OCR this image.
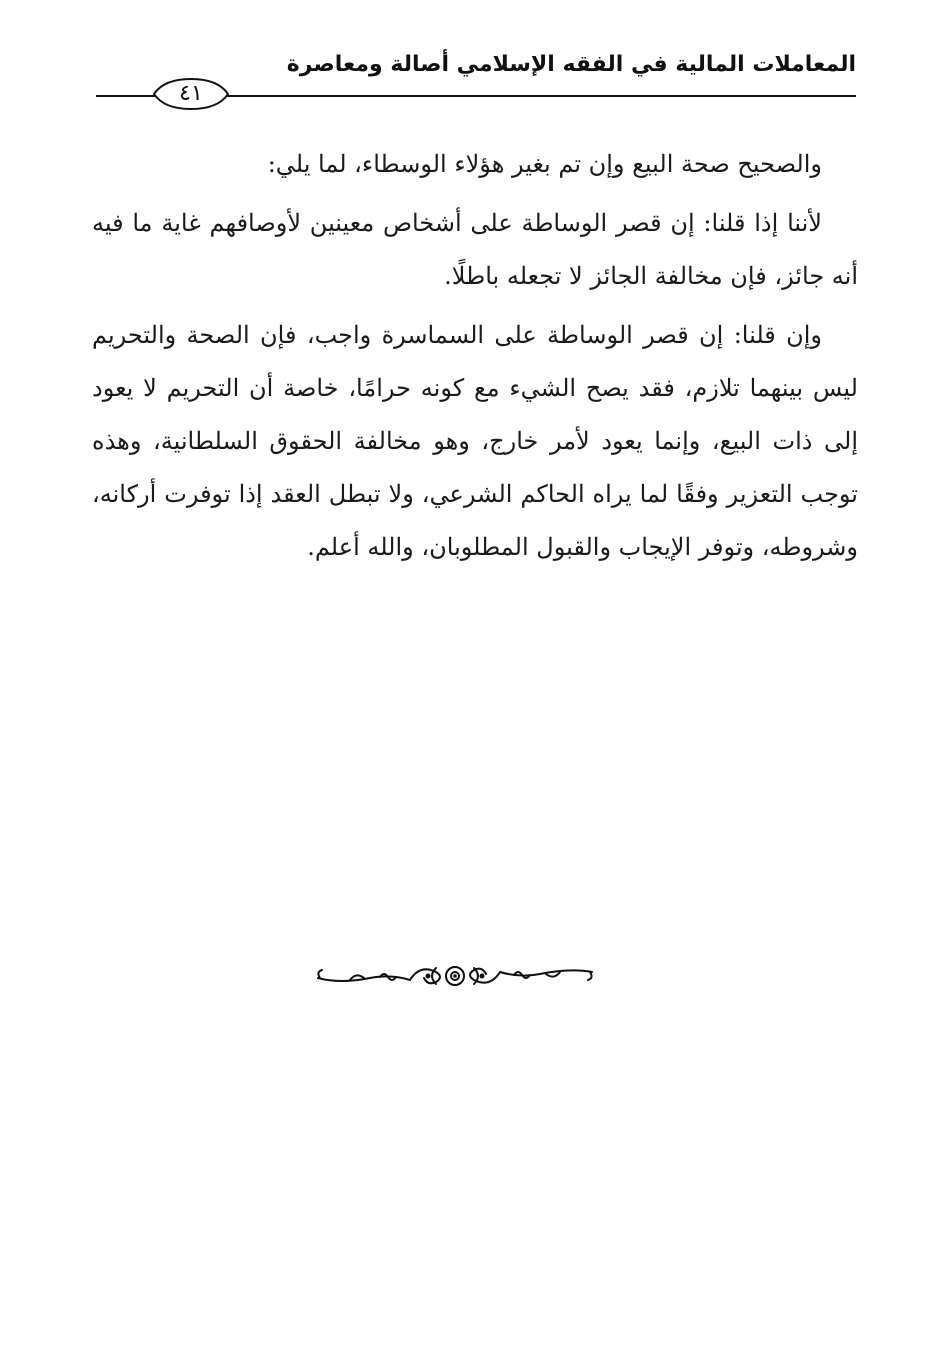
المعاملات المالية في الفقه الإسلامي أصالة ومعاصرة
٤١

والصحيح صحة البيع وإن تم بغير هؤلاء الوسطاء، لما يلي:

لأننا إذا قلنا: إن قصر الوساطة على أشخاص معينين لأوصافهم غاية ما فيه أنه جائز، فإن مخالفة الجائز لا تجعله باطلًا.

وإن قلنا: إن قصر الوساطة على السماسرة واجب، فإن الصحة والتحريم ليس بينهما تلازم، فقد يصح الشيء مع كونه حرامًا، خاصة أن التحريم لا يعود إلى ذات البيع، وإنما يعود لأمر خارج، وهو مخالفة الحقوق السلطانية، وهذه توجب التعزير وفقًا لما يراه الحاكم الشرعي، ولا تبطل العقد إذا توفرت أركانه، وشروطه، وتوفر الإيجاب والقبول المطلوبان، والله أعلم.
